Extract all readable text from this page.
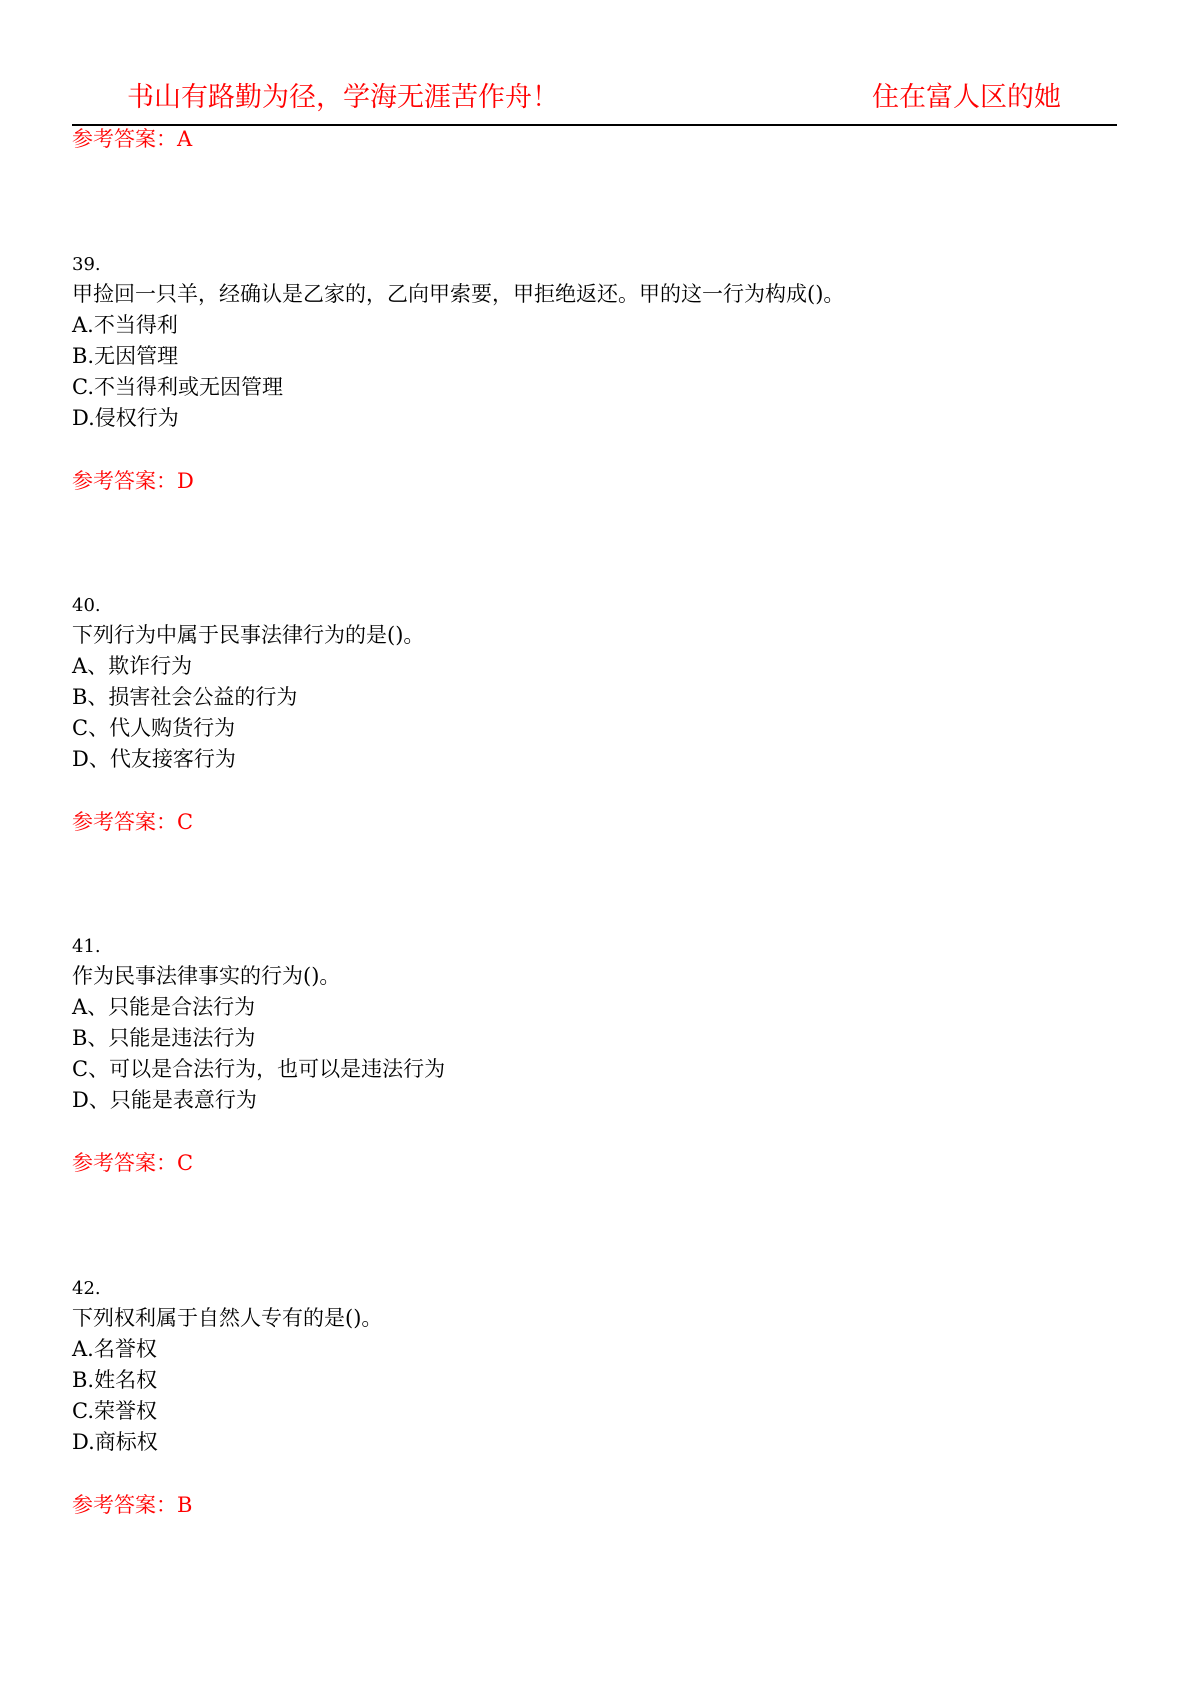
书山有路勤为径，学海无涯苦作舟！	住在富人区的她
参考答案：A
39.
甲捡回一只羊，经确认是乙家的，乙向甲索要，甲拒绝返还。甲的这一行为构成()。
A.不当得利
B.无因管理
C.不当得利或无因管理
D.侵权行为
参考答案：D
40.
下列行为中属于民事法律行为的是()。
A、欺诈行为
B、损害社会公益的行为
C、代人购货行为
D、代友接客行为
参考答案：C
41.
作为民事法律事实的行为()。
A、只能是合法行为
B、只能是违法行为
C、可以是合法行为，也可以是违法行为
D、只能是表意行为
参考答案：C
42.
下列权利属于自然人专有的是()。
A.名誉权
B.姓名权
C.荣誉权
D.商标权
参考答案：B
